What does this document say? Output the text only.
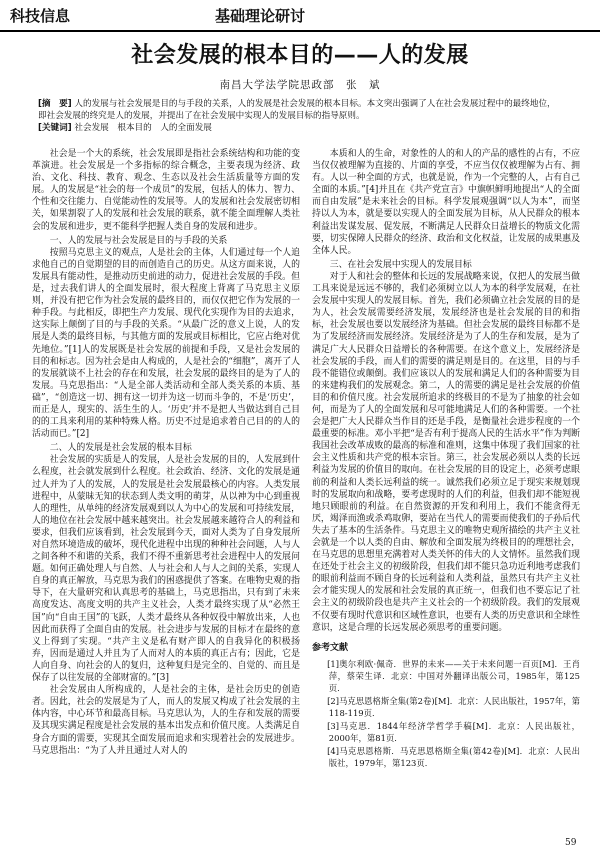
科技信息	基础理论研讨
社会发展的根本目的——人的发展
南昌大学法学院思政部　张　斌
[摘　要] 人的发展与社会发展是目的与手段的关系，人的发展是社会发展的根本目标。本文突出强调了人在社会发展过程中的最终地位，即社会发展的终究是人的发展，并提出了在社会发展中实现人的发展目标的指导原则。
[关键词] 社会发展　根本目的　人的全面发展

社会是一个大的系统，社会发展即是指社会系统结构和功能的变革演进。社会发展是一个多指标的综合概念，主要表现为经济、政治、文化、科技、教育、观念、生态以及社会生活质量等方面的发展。人的发展是“社会的每一个成员”的发展，包括人的体力、智力、个性和交往能力、自觉能动性的发展等。人的发展和社会发展密切相关，如果割裂了人的发展和社会发展的联系，就不能全面理解人类社会的发展和进步，更不能科学把握人类自身的发展和进步。

一、人的发展与社会发展是目的与手段的关系

按照马克思主义的观点，人是社会的主体，人们通过每一个人追求他自己的自觉期望的目的而创造自己的历史。从这方面来说，人的发展具有能动性，是推动历史前进的动力，促进社会发展的手段。但是，过去我们讲人的全面发展时，很大程度上背离了马克思主义原则，并没有把它作为社会发展的最终目的，而仅仅把它作为发展的一种手段。与此相反，即把生产力发展、现代化实现作为目的去追求，这实际上颠倒了目的与手段的关系。“从最广泛的意义上说，人的发展是人类的最终目标，与其他方面的发展或目标相比，它应占绝对优先地位。”[1]人的发展既是社会发展的前提和手段，又是社会发展的目的和标志。因为社会是由人构成的，人是社会的“细胞”，离开了人的发展就谈不上社会的存在和发展，社会发展的最终目的是为了人的发展。马克思指出：“人是全部人类活动和全部人类关系的本质、基础”，“创造这一切、拥有这一切并为这一切而斗争的，不是‘历史’，而正是人，现实的、活生生的人。‘历史’并不是把人当做达到自己目的的工具来利用的某种特殊人格。历史不过是追求着自己目的的人的活动而已。”[2]

二、人的发展是社会发展的根本目标

社会发展的实质是人的发展，人是社会发展的目的，人发展到什么程度，社会就发展到什么程度。社会政治、经济、文化的发展是通过人并为了人的发展，人的发展是社会发展最核心的内容。人类发展进程中，从蒙昧无知的状态到人类文明的萌芽，从以神为中心到重视人的理性，从单纯的经济发展观到以人为中心的发展和可持续发展，人的地位在社会发展中越来越突出。社会发展越来越符合人的利益和要求，但我们应该看到，社会发展到今天，面对人类为了自身发展所对自然环境造成的破坏，现代化进程中出现的种种社会问题，人与人之间各种不和谐的关系，我们不得不重新思考社会进程中人的发展问题。如何正确处理人与自然、人与社会和人与人之间的关系，实现人自身的真正解放，马克思为我们的困惑提供了答案。在唯物史观的指导下，在大量研究和认真思考的基础上，马克思指出，只有到了未来高度发达、高度文明的共产主义社会，人类才最终实现了从“必然王国”向“自由王国”的飞跃，人类才最终从各种奴役中解放出来，人也因此而获得了全面自由的发展。社会进步与发展的目标才在最终的意义上得到了实现。“共产主义是私有财产即人的自我异化的积极扬弃，因而是通过人并且为了人而对人的本质的真正占有；因此，它是人向自身、向社会的人的复归，这种复归是完全的、自觉的、而且是保存了以往发展的全部财富的。”[3]

社会发展由人所构成的，人是社会的主体，是社会历史的创造者。因此，社会的发展是为了人，而人的发展又构成了社会发展的主体内容，中心环节和最高目标。马克思认为，人的生存和发展的需要及其现实满足程度是社会发展的基本出发点和价值尺度。人类满足自身合方面的需要，实现其全面发展而追求和实现着社会的发展进步。马克思指出：“为了人并且通过人对人的

本质和人的生命，对象性的人的和人的产品的感性的占有，不应当仅仅被理解为直接的、片面的享受，不应当仅仅被理解为占有、拥有。人以一种全面的方式，也就是说，作为一个完整的人，占有自己全面的本质。”[4]并且在《共产党宣言》中旗帜鲜明地提出“人的全面而自由发展”是未来社会的目标。科学发展观强调“以人为本”，而坚持以人为本，就是要以实现人的全面发展为目标，从人民群众的根本利益出发谋发展、促发展，不断满足人民群众日益增长的物质文化需要，切实保障人民群众的经济、政治和文化权益，让发展的成果惠及全体人民。

三、在社会发展中实现人的发展目标

对于人和社会的整体和长远的发展战略来说，仅把人的发展当做工具来说是远远不够的，我们必须树立以人为本的科学发展观，在社会发展中实现人的发展目标。首先，我们必须确立社会发展的目的是为人，社会发展需要经济发展，发展经济也是社会发展的目的和指标，社会发展也要以发展经济为基础。但社会发展的最终目标都不是为了发展经济而发展经济。发展经济是为了人的生存和发展，是为了满足广大人民群众日益增长的各种需要。在这个意义上，发展经济是社会发展的手段，而人们的需要的满足则是目的。在这里，目的与手段不能错位或颠倒。我们应该以人的发展和满足人们的各种需要为目的来建构我们的发展观念。第二，人的需要的满足是社会发展的价值目的和价值尺度。社会发展所追求的终极目的不是为了抽象的社会如何，而是为了人的全面发展和尽可能地满足人们的各种需要。一个社会是把广大人民群众当作目的还是手段，是衡量社会进步程度的一个最重要的标准。邓小平把“是否有利于提高人民的生活水平”作为判断我国社会改革成败的最高的标准和准则，这集中体现了我们国家的社会主义性质和共产党的根本宗旨。第三，社会发展必须以人类的长远利益为发展的价值目的取向。在社会发展的目的设定上，必须考虑眼前的利益和人类长远利益的统一。诚然我们必须立足于现实来规划现时的发展取向和战略，要考虑现时的人们的利益，但我们却不能短视地只顾眼前的利益。在自然资源的开发和利用上，我们不能贪得无厌，竭泽而渔或杀鸡取卵，要站在当代人的需要而使我们的子孙后代失去了基本的生活条件。马克思主义的唯物史观所描绘的共产主义社会就是一个以人类的自由、解放和全面发展为终极目的的理想社会，在马克思的思想里充满着对人类关怀的伟大的人文情怀。虽然我们现在还处于社会主义的初级阶段，但我们却不能只急功近利地考虑我们的眼前利益而不顾自身的长远利益和人类利益，虽然只有共产主义社会才能实现人的发展和社会发展的真正统一，但我们也不要忘记了社会主义的初级阶段也是共产主义社会的一个初级阶段。我们的发展观不仅要有现时代意识和区域性意识，也要有人类的历史意识和全球性意识，这是合理的长远发展必须思考的重要问题。

参考文献
[1]奥尔利欧·佩奇．世界的未来——关于未来问题一百页[M]．王肖萍，蔡荣生译．北京：中国对外翻译出版公司，1985年，第125页．
[2]马克思恩格斯全集(第2卷)[M]．北京：人民出版社，1957年，第118-119页．
[3]马克思．1844年经济学哲学手稿[M]．北京：人民出版社，2000年，第81页．
[4]马克思恩格斯．马克思恩格斯全集(第42卷)[M]．北京：人民出版社，1979年，第123页．
59
